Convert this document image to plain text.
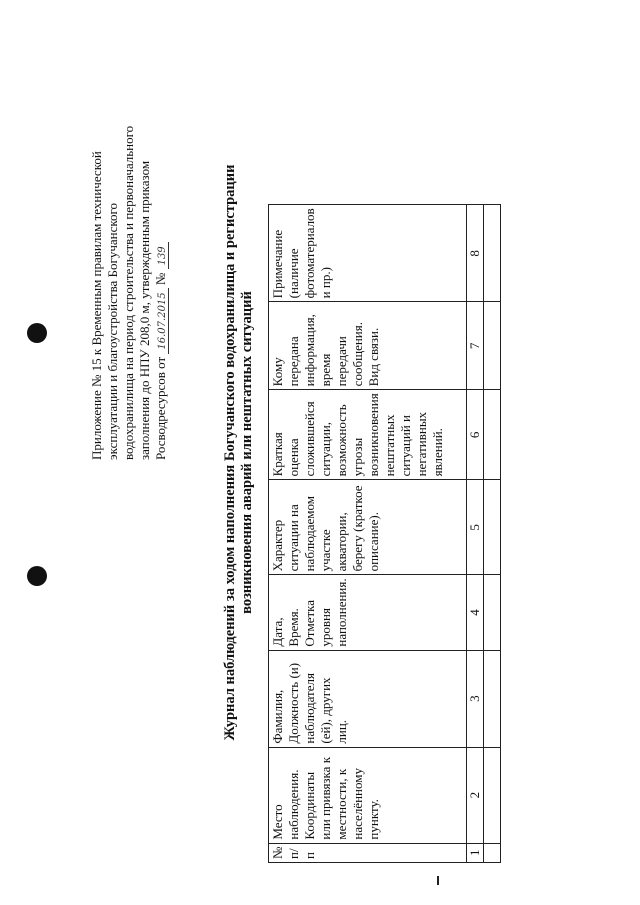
Приложение № 15 к Временным правилам технической эксплуатации и благоустройства Богучанского водохранилища на период строительства и первоначального заполнения до НПУ 208,0 м, утвержденным приказом Росводресурсов от 16.07.2015 № 139	Журнал наблюдений за ходом наполнения Богучанского водохранилища и регистрации возникновения аварий или нештатных ситуаций
№ п/п	Место наблюдения. Координаты или привязка к местности, к населённому пункту.	Фамилия, Должность (и) наблюдателя (ей), других лиц.	Дата, Время. Отметка уровня наполнения.	Характер ситуации на наблюдаемом участке акватории, берегу (краткое описание).	Краткая оценка сложившейся ситуации, возможность угрозы возникновения нештатных ситуаций и негативных явлений.	Кому передана информация, время передачи сообщения. Вид связи.	Примечание (наличие фотоматериалов и пр.)
1	2	3	4	5	6	7	8
